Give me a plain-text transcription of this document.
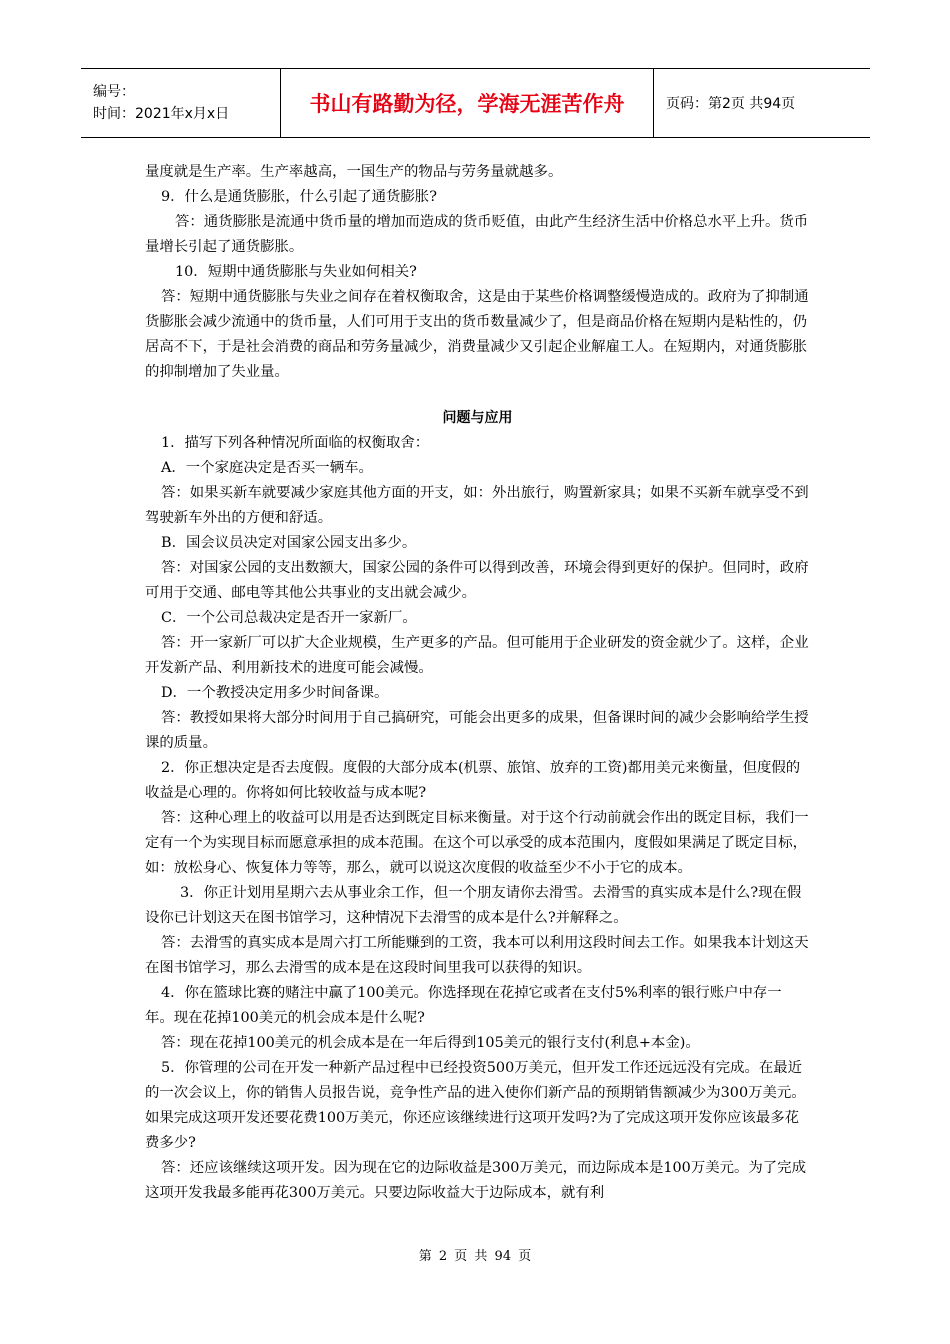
编号：
时间：2021年x月x日	书山有路勤为径，学海无涯苦作舟	页码：第2页 共94页

量度就是生产率。生产率越高，一国生产的物品与劳务量就越多。

9．什么是通货膨胀，什么引起了通货膨胀?

答：通货膨胀是流通中货币量的增加而造成的货币贬值，由此产生经济生活中价格总水平上升。货币量增长引起了通货膨胀。

10．短期中通货膨胀与失业如何相关?

答：短期中通货膨胀与失业之间存在着权衡取舍，这是由于某些价格调整缓慢造成的。政府为了抑制通货膨胀会减少流通中的货币量，人们可用于支出的货币数量减少了，但是商品价格在短期内是粘性的，仍居高不下，于是社会消费的商品和劳务量减少，消费量减少又引起企业解雇工人。在短期内，对通货膨胀的抑制增加了失业量。

问题与应用

1．描写下列各种情况所面临的权衡取舍：

A．一个家庭决定是否买一辆车。

答：如果买新车就要减少家庭其他方面的开支，如：外出旅行，购置新家具；如果不买新车就享受不到驾驶新车外出的方便和舒适。

B．国会议员决定对国家公园支出多少。

答：对国家公园的支出数额大，国家公园的条件可以得到改善，环境会得到更好的保护。但同时，政府可用于交通、邮电等其他公共事业的支出就会减少。

C．一个公司总裁决定是否开一家新厂。

答：开一家新厂可以扩大企业规模，生产更多的产品。但可能用于企业研发的资金就少了。这样，企业开发新产品、利用新技术的进度可能会减慢。

D．一个教授决定用多少时间备课。

答：教授如果将大部分时间用于自己搞研究，可能会出更多的成果，但备课时间的减少会影响给学生授课的质量。

2．你正想决定是否去度假。度假的大部分成本(机票、旅馆、放弃的工资)都用美元来衡量，但度假的收益是心理的。你将如何比较收益与成本呢?

答：这种心理上的收益可以用是否达到既定目标来衡量。对于这个行动前就会作出的既定目标，我们一定有一个为实现目标而愿意承担的成本范围。在这个可以承受的成本范围内，度假如果满足了既定目标，如：放松身心、恢复体力等等，那么，就可以说这次度假的收益至少不小于它的成本。

3．你正计划用星期六去从事业余工作，但一个朋友请你去滑雪。去滑雪的真实成本是什么?现在假设你已计划这天在图书馆学习，这种情况下去滑雪的成本是什么?并解释之。

答：去滑雪的真实成本是周六打工所能赚到的工资，我本可以利用这段时间去工作。如果我本计划这天在图书馆学习，那么去滑雪的成本是在这段时间里我可以获得的知识。

4．你在篮球比赛的赌注中赢了100美元。你选择现在花掉它或者在支付5%利率的银行账户中存一年。现在花掉100美元的机会成本是什么呢?

答：现在花掉100美元的机会成本是在一年后得到105美元的银行支付(利息+本金)。

5．你管理的公司在开发一种新产品过程中已经投资500万美元，但开发工作还远远没有完成。在最近的一次会议上，你的销售人员报告说，竞争性产品的进入使你们新产品的预期销售额减少为300万美元。如果完成这项开发还要花费100万美元，你还应该继续进行这项开发吗?为了完成这项开发你应该最多花费多少?

答：还应该继续这项开发。因为现在它的边际收益是300万美元，而边际成本是100万美元。为了完成这项开发我最多能再花300万美元。只要边际收益大于边际成本，就有利

第 2 页 共 94 页
